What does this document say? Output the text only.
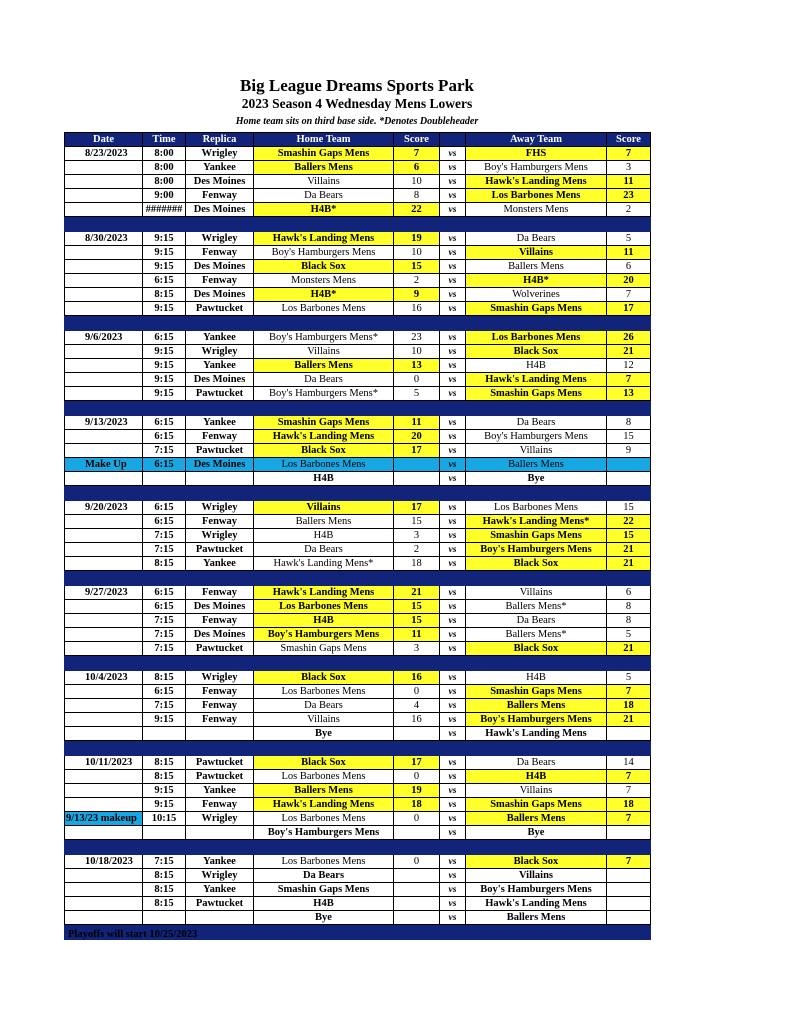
Big League Dreams Sports Park
2023 Season 4 Wednesday Mens Lowers
Home team sits on third base side. *Denotes Doubleheader
Date	Time	Replica	Home Team	Score		Away Team	Score
8/23/2023	8:00	Wrigley	Smashin Gaps Mens	7	vs	FHS	7
	8:00	Yankee	Ballers Mens	6	vs	Boy's Hamburgers Mens	3
	8:00	Des Moines	Villains	10	vs	Hawk's Landing Mens	11
	9:00	Fenway	Da Bears	8	vs	Los Barbones Mens	23
	#######	Des Moines	H4B*	22	vs	Monsters Mens	2

8/30/2023	9:15	Wrigley	Hawk's Landing Mens	19	vs	Da Bears	5
	9:15	Fenway	Boy's Hamburgers Mens	10	vs	Villains	11
	9:15	Des Moines	Black Sox	15	vs	Ballers Mens	6
	6:15	Fenway	Monsters Mens	2	vs	H4B*	20
	8:15	Des Moines	H4B*	9	vs	Wolverines	7
	9:15	Pawtucket	Los Barbones Mens	16	vs	Smashin Gaps Mens	17

9/6/2023	6:15	Yankee	Boy's Hamburgers Mens*	23	vs	Los Barbones Mens	26
	9:15	Wrigley	Villains	10	vs	Black Sox	21
	9:15	Yankee	Ballers Mens	13	vs	H4B	12
	9:15	Des Moines	Da Bears	0	vs	Hawk's Landing Mens	7
	9:15	Pawtucket	Boy's Hamburgers Mens*	5	vs	Smashin Gaps Mens	13

9/13/2023	6:15	Yankee	Smashin Gaps Mens	11	vs	Da Bears	8
	6:15	Fenway	Hawk's Landing Mens	20	vs	Boy's Hamburgers Mens	15
	7:15	Pawtucket	Black Sox	17	vs	Villains	9
Make Up	6:15	Des Moines	Los Barbones Mens		vs	Ballers Mens	
			H4B		vs	Bye	

9/20/2023	6:15	Wrigley	Villains	17	vs	Los Barbones Mens	15
	6:15	Fenway	Ballers Mens	15	vs	Hawk's Landing Mens*	22
	7:15	Wrigley	H4B	3	vs	Smashin Gaps Mens	15
	7:15	Pawtucket	Da Bears	2	vs	Boy's Hamburgers Mens	21
	8:15	Yankee	Hawk's Landing Mens*	18	vs	Black Sox	21

9/27/2023	6:15	Fenway	Hawk's Landing Mens	21	vs	Villains	6
	6:15	Des Moines	Los Barbones Mens	15	vs	Ballers Mens*	8
	7:15	Fenway	H4B	15	vs	Da Bears	8
	7:15	Des Moines	Boy's Hamburgers Mens	11	vs	Ballers Mens*	5
	7:15	Pawtucket	Smashin Gaps Mens	3	vs	Black Sox	21

10/4/2023	8:15	Wrigley	Black Sox	16	vs	H4B	5
	6:15	Fenway	Los Barbones Mens	0	vs	Smashin Gaps Mens	7
	7:15	Fenway	Da Bears	4	vs	Ballers Mens	18
	9:15	Fenway	Villains	16	vs	Boy's Hamburgers Mens	21
			Bye		vs	Hawk's Landing Mens	

10/11/2023	8:15	Pawtucket	Black Sox	17	vs	Da Bears	14
	8:15	Pawtucket	Los Barbones Mens	0	vs	H4B	7
	9:15	Yankee	Ballers Mens	19	vs	Villains	7
	9:15	Fenway	Hawk's Landing Mens	18	vs	Smashin Gaps Mens	18
9/13/23 makeup	10:15	Wrigley	Los Barbones Mens	0	vs	Ballers Mens	7
			Boy's Hamburgers Mens		vs	Bye	

10/18/2023	7:15	Yankee	Los Barbones Mens	0	vs	Black Sox	7
	8:15	Wrigley	Da Bears		vs	Villains	
	8:15	Yankee	Smashin Gaps Mens		vs	Boy's Hamburgers Mens	
	8:15	Pawtucket	H4B		vs	Hawk's Landing Mens	
			Bye		vs	Ballers Mens	

Playoffs will start 10/25/2023
